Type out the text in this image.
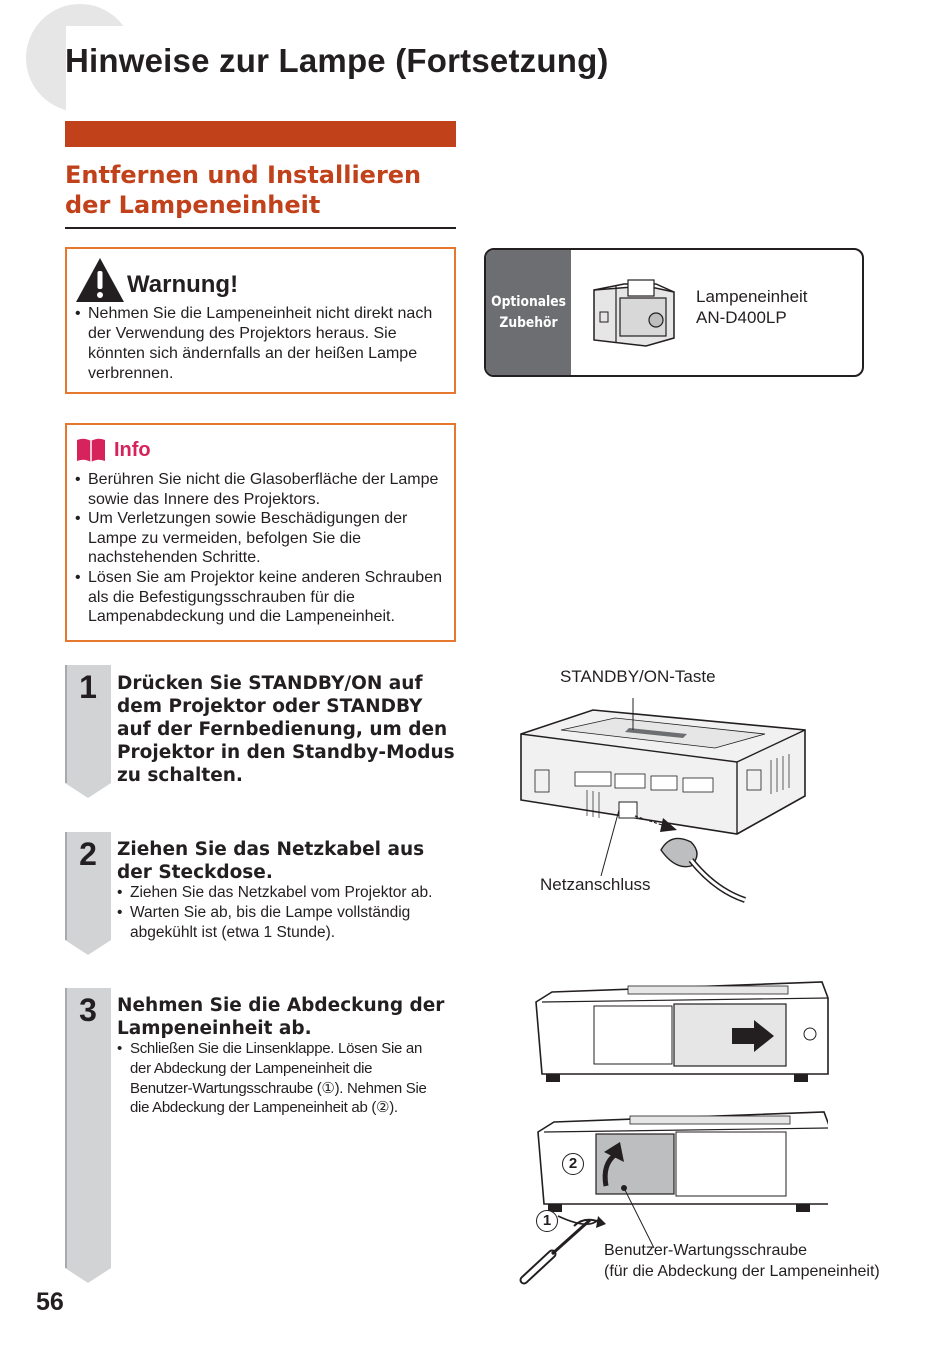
Hinweise zur Lampe (Fortsetzung)
Entfernen und Installieren
der Lampeneinheit
Warnung!
• Nehmen Sie die Lampeneinheit nicht direkt nach der Verwendung des Projektors heraus. Sie könnten sich ändernfalls an der heißen Lampe verbrennen.
Optionales
Zubehör
Lampeneinheit
AN-D400LP
Info
• Berühren Sie nicht die Glasoberfläche der Lampe sowie das Innere des Projektors.
• Um Verletzungen sowie Beschädigungen der Lampe zu vermeiden, befolgen Sie die nachstehenden Schritte.
• Lösen Sie am Projektor keine anderen Schrauben als die Befestigungsschrauben für die Lampenabdeckung und die Lampeneinheit.
1	Drücken Sie STANDBY/ON auf dem Projektor oder STANDBY auf der Fernbedienung, um den Projektor in den Standby-Modus zu schalten.
2	Ziehen Sie das Netzkabel aus der Steckdose.
• Ziehen Sie das Netzkabel vom Projektor ab.
• Warten Sie ab, bis die Lampe vollständig abgekühlt ist (etwa 1 Stunde).
3	Nehmen Sie die Abdeckung der Lampeneinheit ab.
• Schließen Sie die Linsenklappe. Lösen Sie an der Abdeckung der Lampeneinheit die Benutzer-Wartungsschraube (①). Nehmen Sie die Abdeckung der Lampeneinheit ab (②).
STANDBY/ON-Taste
Netzanschluss
2
1
Benutzer-Wartungsschraube
(für die Abdeckung der Lampeneinheit)
56
